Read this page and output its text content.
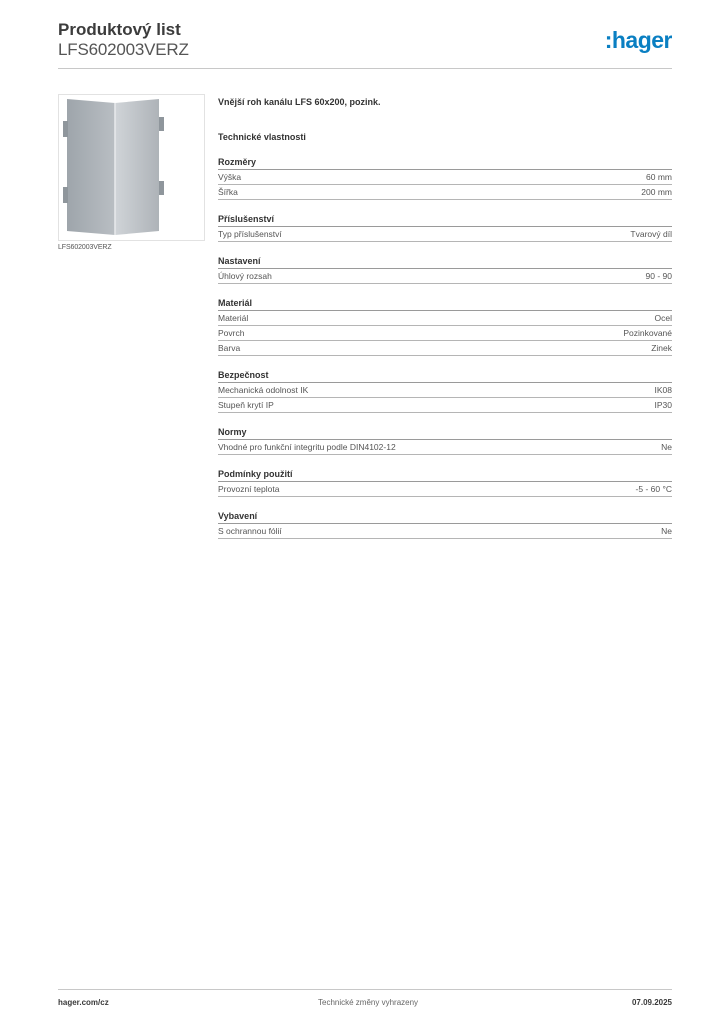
Produktový list
LFS602003VERZ	:hager
LFS602003VERZ
Vnější roh kanálu LFS 60x200, pozink.
Technické vlastnosti
Rozměry
Výška	60 mm
Šířka	200 mm
Příslušenství
Typ příslušenství	Tvarový díl
Nastavení
Úhlový rozsah	90 - 90
Materiál
Materiál	Ocel
Povrch	Pozinkované
Barva	Zinek
Bezpečnost
Mechanická odolnost IK	IK08
Stupeň krytí IP	IP30
Normy
Vhodné pro funkční integritu podle DIN4102-12	Ne
Podmínky použití
Provozní teplota	-5 - 60 °C
Vybavení
S ochrannou fólií	Ne
hager.com/cz	Technické změny vyhrazeny	07.09.2025
